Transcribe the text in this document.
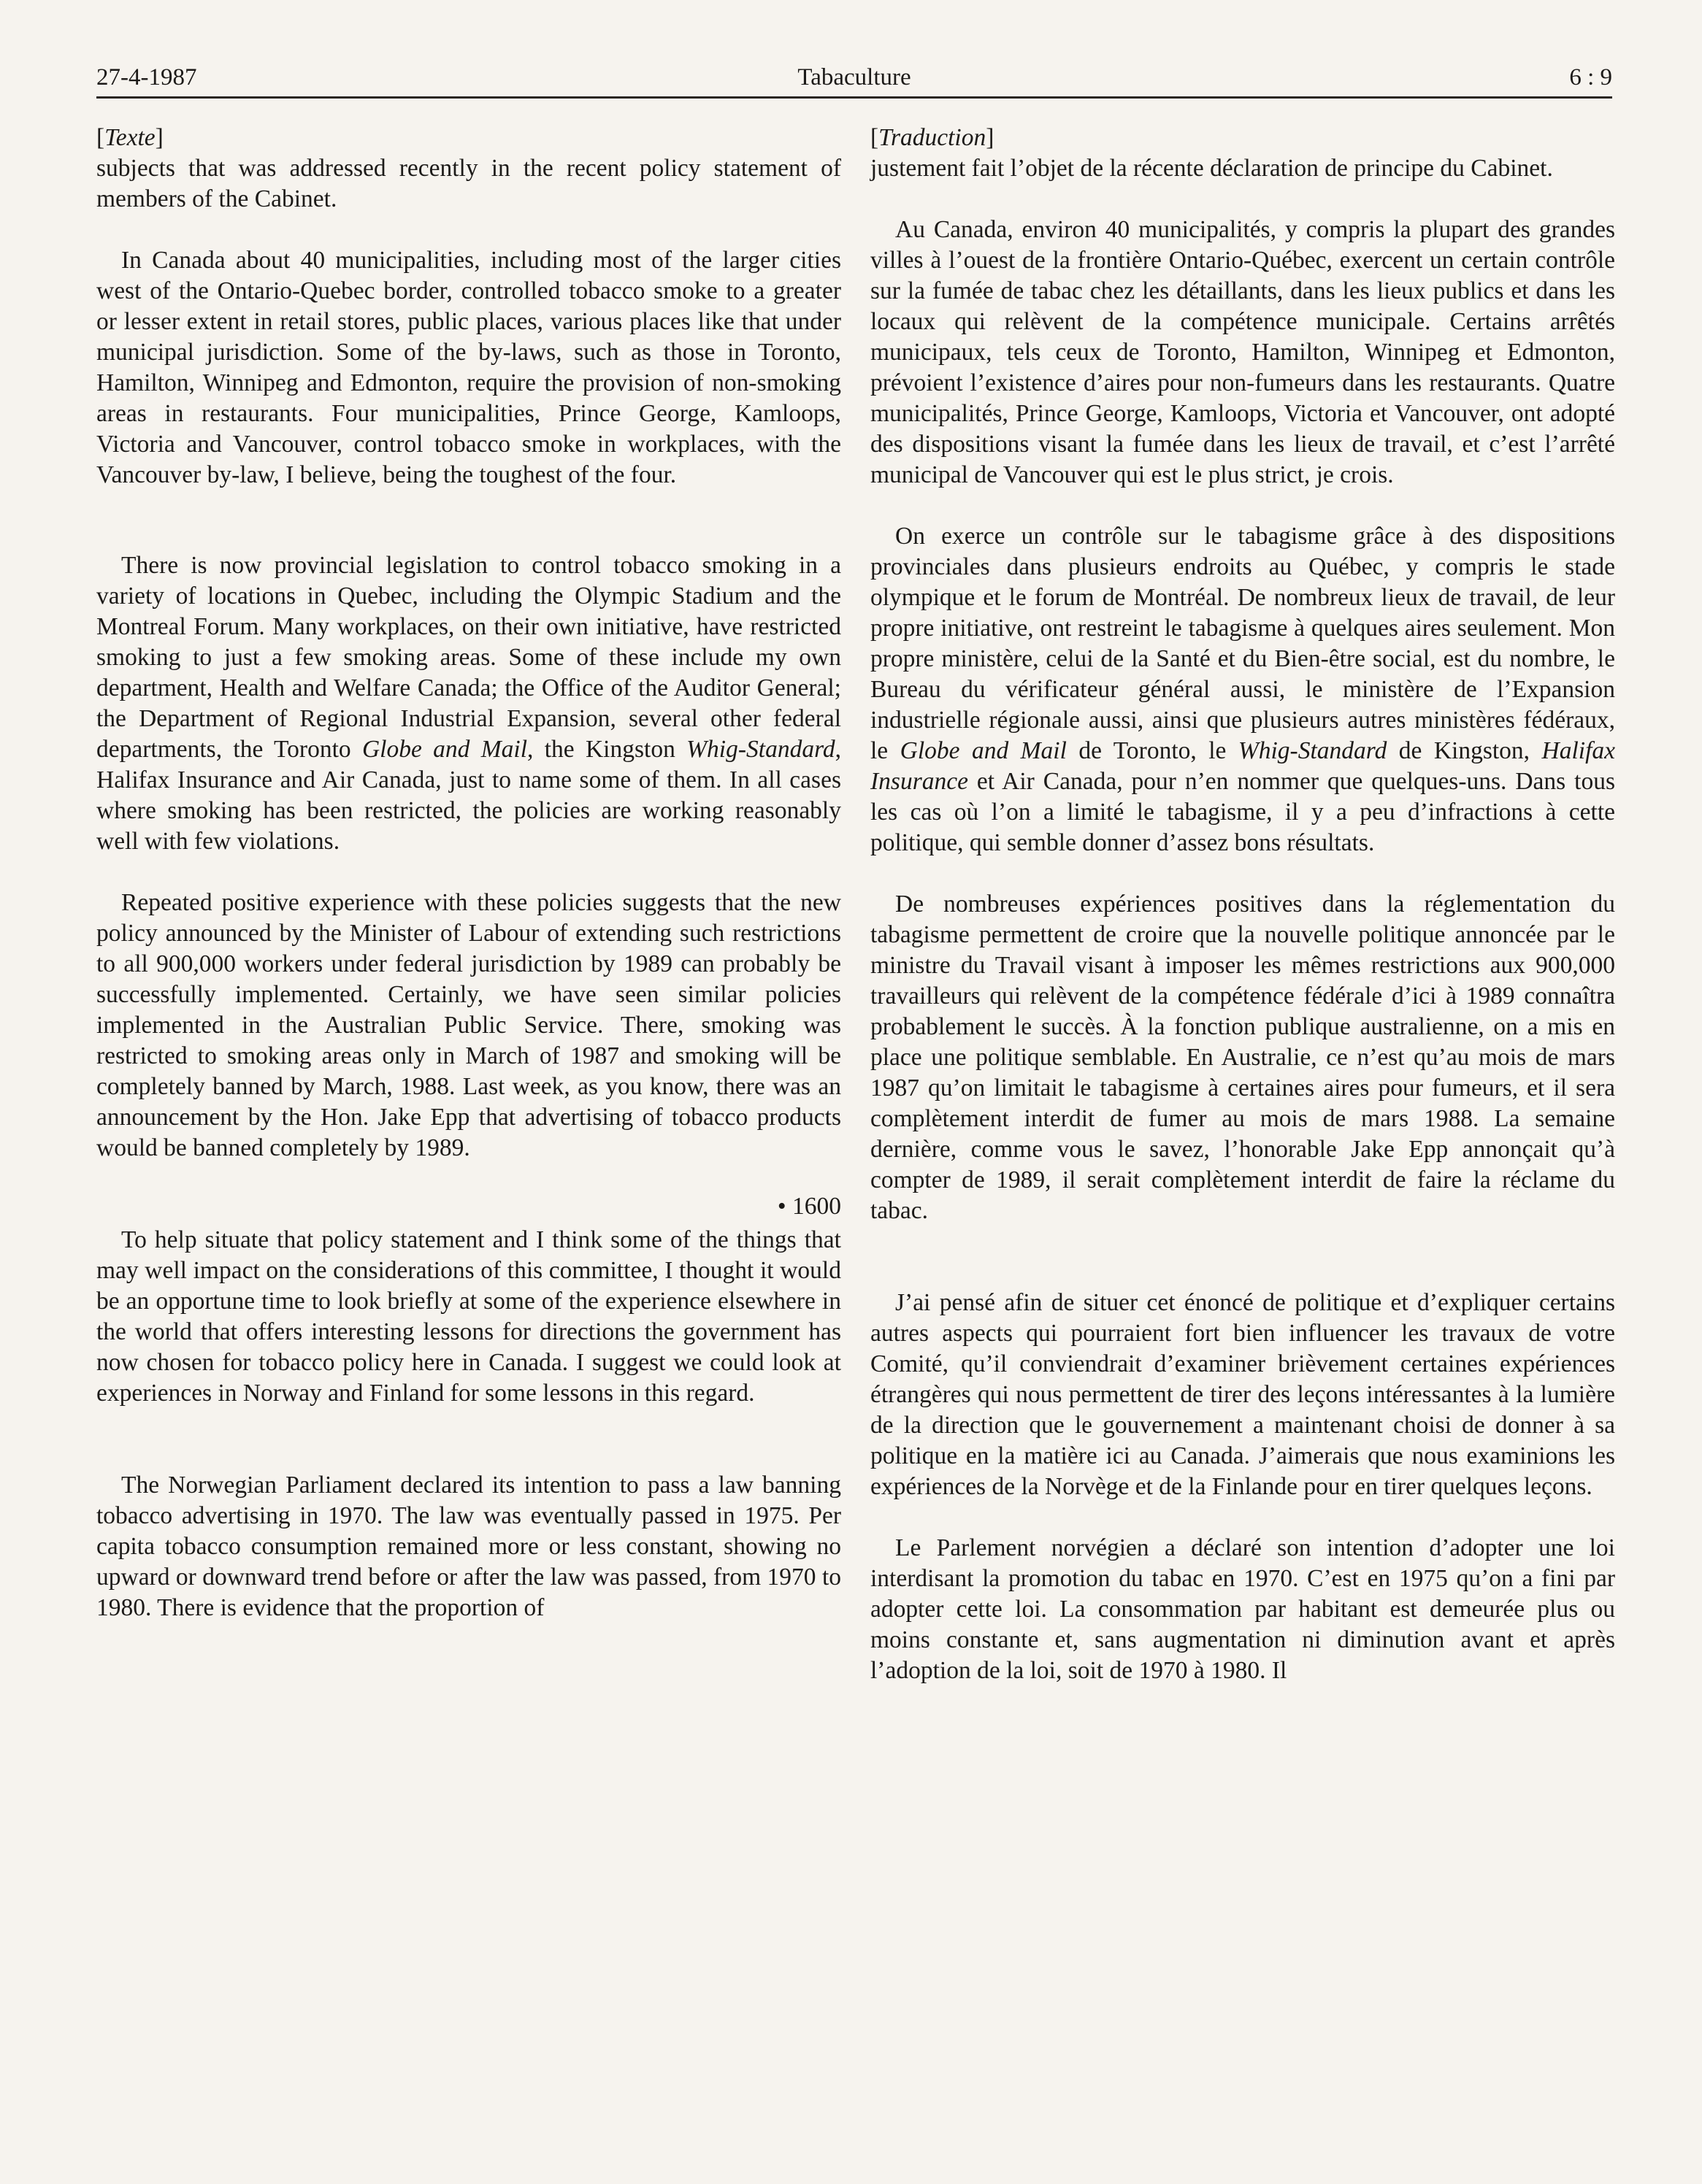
27-4-1987	Tabaculture	6 : 9
[Texte]

subjects that was addressed recently in the recent policy statement of members of the Cabinet.

In Canada about 40 municipalities, including most of the larger cities west of the Ontario-Quebec border, controlled tobacco smoke to a greater or lesser extent in retail stores, public places, various places like that under municipal jurisdiction. Some of the by-laws, such as those in Toronto, Hamilton, Winnipeg and Edmonton, require the provision of non-smoking areas in restaurants. Four municipalities, Prince George, Kamloops, Victoria and Vancouver, control tobacco smoke in workplaces, with the Vancouver by-law, I believe, being the toughest of the four.

There is now provincial legislation to control tobacco smoking in a variety of locations in Quebec, including the Olympic Stadium and the Montreal Forum. Many workplaces, on their own initiative, have restricted smoking to just a few smoking areas. Some of these include my own department, Health and Welfare Canada; the Office of the Auditor General; the Department of Regional Industrial Expansion, several other federal departments, the Toronto Globe and Mail, the Kingston Whig-Standard, Halifax Insurance and Air Canada, just to name some of them. In all cases where smoking has been restricted, the policies are working reasonably well with few violations.

Repeated positive experience with these policies suggests that the new policy announced by the Minister of Labour of extending such restrictions to all 900,000 workers under federal jurisdiction by 1989 can probably be successfully implemented. Certainly, we have seen similar policies implemented in the Australian Public Service. There, smoking was restricted to smoking areas only in March of 1987 and smoking will be completely banned by March, 1988. Last week, as you know, there was an announcement by the Hon. Jake Epp that advertising of tobacco products would be banned completely by 1989.

• 1600

To help situate that policy statement and I think some of the things that may well impact on the considerations of this committee, I thought it would be an opportune time to look briefly at some of the experience elsewhere in the world that offers interesting lessons for directions the government has now chosen for tobacco policy here in Canada. I suggest we could look at experiences in Norway and Finland for some lessons in this regard.

The Norwegian Parliament declared its intention to pass a law banning tobacco advertising in 1970. The law was eventually passed in 1975. Per capita tobacco consumption remained more or less constant, showing no upward or downward trend before or after the law was passed, from 1970 to 1980. There is evidence that the proportion of

[Traduction]

justement fait l’objet de la récente déclaration de principe du Cabinet.

Au Canada, environ 40 municipalités, y compris la plupart des grandes villes à l’ouest de la frontière Ontario-Québec, exercent un certain contrôle sur la fumée de tabac chez les détaillants, dans les lieux publics et dans les locaux qui relèvent de la compétence municipale. Certains arrêtés municipaux, tels ceux de Toronto, Hamilton, Winnipeg et Edmonton, prévoient l’existence d’aires pour non-fumeurs dans les restaurants. Quatre municipalités, Prince George, Kamloops, Victoria et Vancouver, ont adopté des dispositions visant la fumée dans les lieux de travail, et c’est l’arrêté municipal de Vancouver qui est le plus strict, je crois.

On exerce un contrôle sur le tabagisme grâce à des dispositions provinciales dans plusieurs endroits au Québec, y compris le stade olympique et le forum de Montréal. De nombreux lieux de travail, de leur propre initiative, ont restreint le tabagisme à quelques aires seulement. Mon propre ministère, celui de la Santé et du Bien-être social, est du nombre, le Bureau du vérificateur général aussi, le ministère de l’Expansion industrielle régionale aussi, ainsi que plusieurs autres ministères fédéraux, le Globe and Mail de Toronto, le Whig-Standard de Kingston, Halifax Insurance et Air Canada, pour n’en nommer que quelques-uns. Dans tous les cas où l’on a limité le tabagisme, il y a peu d’infractions à cette politique, qui semble donner d’assez bons résultats.

De nombreuses expériences positives dans la réglementation du tabagisme permettent de croire que la nouvelle politique annoncée par le ministre du Travail visant à imposer les mêmes restrictions aux 900,000 travailleurs qui relèvent de la compétence fédérale d’ici à 1989 connaîtra probablement le succès. À la fonction publique australienne, on a mis en place une politique semblable. En Australie, ce n’est qu’au mois de mars 1987 qu’on limitait le tabagisme à certaines aires pour fumeurs, et il sera complètement interdit de fumer au mois de mars 1988. La semaine dernière, comme vous le savez, l’honorable Jake Epp annonçait qu’à compter de 1989, il serait complètement interdit de faire la réclame du tabac.

J’ai pensé afin de situer cet énoncé de politique et d’expliquer certains autres aspects qui pourraient fort bien influencer les travaux de votre Comité, qu’il conviendrait d’examiner brièvement certaines expériences étrangères qui nous permettent de tirer des leçons intéressantes à la lumière de la direction que le gouvernement a maintenant choisi de donner à sa politique en la matière ici au Canada. J’aimerais que nous examinions les expériences de la Norvège et de la Finlande pour en tirer quelques leçons.

Le Parlement norvégien a déclaré son intention d’adopter une loi interdisant la promotion du tabac en 1970. C’est en 1975 qu’on a fini par adopter cette loi. La consommation par habitant est demeurée plus ou moins constante et, sans augmentation ni diminution avant et après l’adoption de la loi, soit de 1970 à 1980. Il
